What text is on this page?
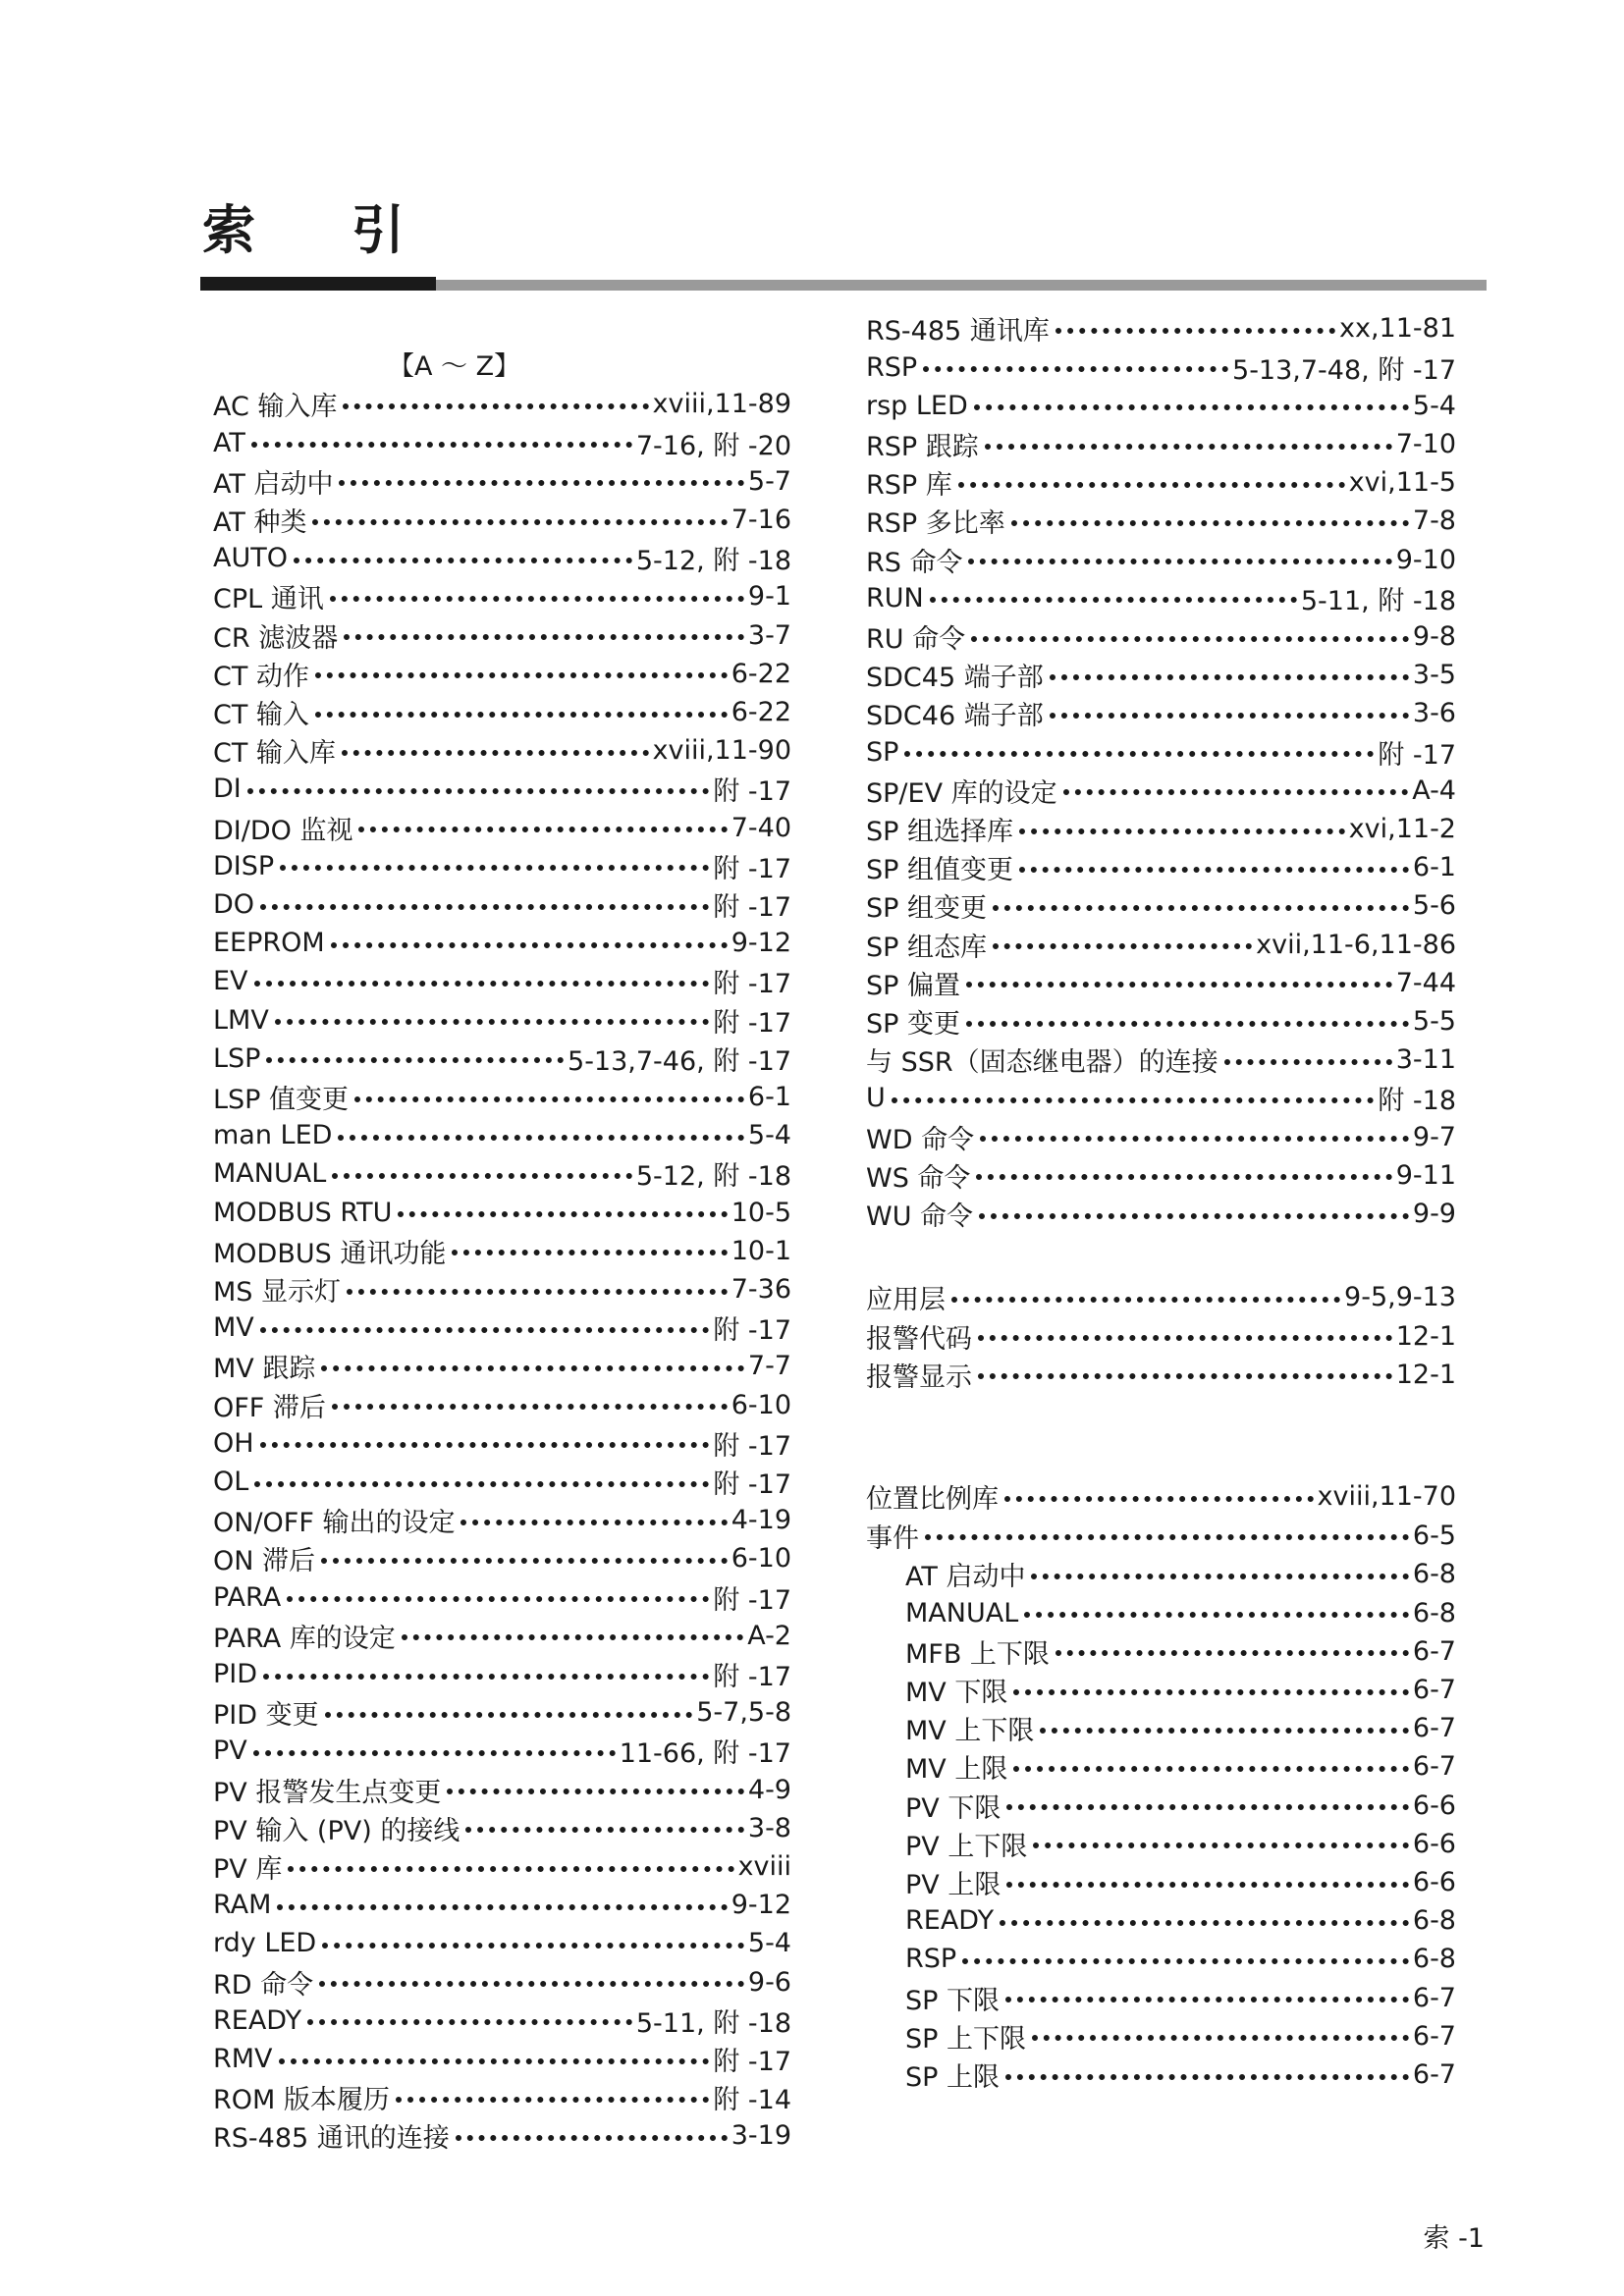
索　引
【A ～ Z】
AC 输入库	xviii,11-89
AT	7-16, 附 -20
AT 启动中	5-7
AT 种类	7-16
AUTO	5-12, 附 -18
CPL 通讯	9-1
CR 滤波器	3-7
CT 动作	6-22
CT 输入	6-22
CT 输入库	xviii,11-90
DI	附 -17
DI/DO 监视	7-40
DISP	附 -17
DO	附 -17
EEPROM	9-12
EV	附 -17
LMV	附 -17
LSP	5-13,7-46, 附 -17
LSP 值变更	6-1
man LED	5-4
MANUAL	5-12, 附 -18
MODBUS RTU	10-5
MODBUS 通讯功能	10-1
MS 显示灯	7-36
MV	附 -17
MV 跟踪	7-7
OFF 滞后	6-10
OH	附 -17
OL	附 -17
ON/OFF 输出的设定	4-19
ON 滞后	6-10
PARA	附 -17
PARA 库的设定	A-2
PID	附 -17
PID 变更	5-7,5-8
PV	11-66, 附 -17
PV 报警发生点变更	4-9
PV 输入 (PV) 的接线	3-8
PV 库	xviii
RAM	9-12
rdy LED	5-4
RD 命令	9-6
READY	5-11, 附 -18
RMV	附 -17
ROM 版本履历	附 -14
RS-485 通讯的连接	3-19
RS-485 通讯库	xx,11-81
RSP	5-13,7-48, 附 -17
rsp LED	5-4
RSP 跟踪	7-10
RSP 库	xvi,11-5
RSP 多比率	7-8
RS 命令	9-10
RUN	5-11, 附 -18
RU 命令	9-8
SDC45 端子部	3-5
SDC46 端子部	3-6
SP	附 -17
SP/EV 库的设定	A-4
SP 组选择库	xvi,11-2
SP 组值变更	6-1
SP 组变更	5-6
SP 组态库	xvii,11-6,11-86
SP 偏置	7-44
SP 变更	5-5
与 SSR（固态继电器）的连接	3-11
U	附 -18
WD 命令	9-7
WS 命令	9-11
WU 命令	9-9
应用层	9-5,9-13
报警代码	12-1
报警显示	12-1
位置比例库	xviii,11-70
事件	6-5
AT 启动中	6-8
MANUAL	6-8
MFB 上下限	6-7
MV 下限	6-7
MV 上下限	6-7
MV 上限	6-7
PV 下限	6-6
PV 上下限	6-6
PV 上限	6-6
READY	6-8
RSP	6-8
SP 下限	6-7
SP 上下限	6-7
SP 上限	6-7
索 -1
